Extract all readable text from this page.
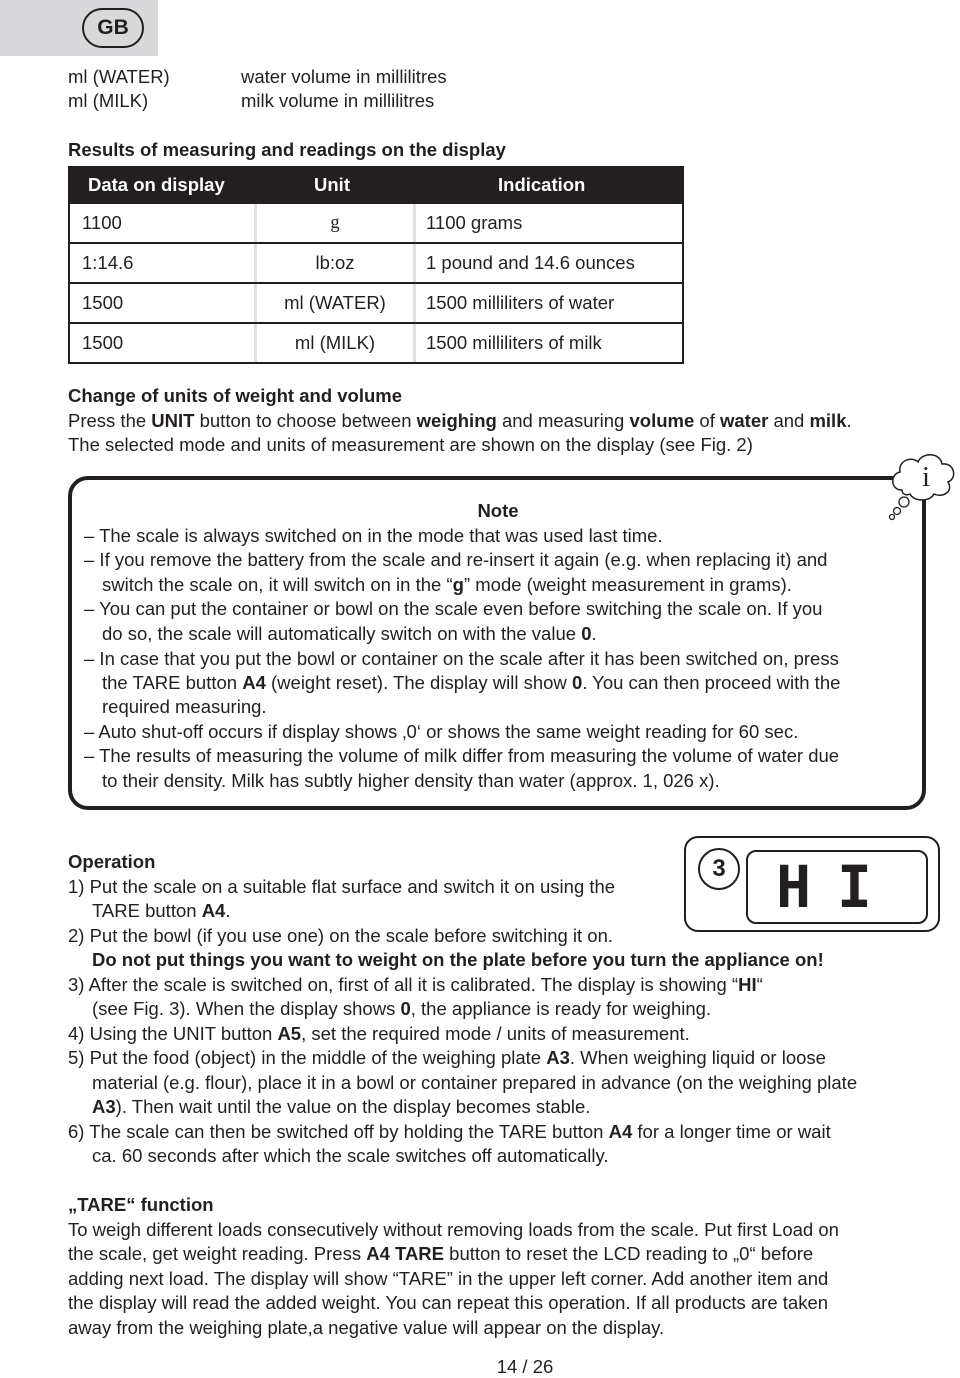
GB
ml (WATER)	water volume in millilitres
ml (MILK)	milk volume in millilitres
Results of measuring and readings on the display
Data on display	Unit	Indication
1100	g	1100 grams
1:14.6	lb:oz	1 pound and 14.6 ounces
1500	ml (WATER)	1500 milliliters of water
1500	ml (MILK)	1500 milliliters of milk
Change of units of weight and volume
Press the UNIT button to choose between weighing and measuring volume of water and milk.
The selected mode and units of measurement are shown on the display (see Fig. 2)
i
Note
– The scale is always switched on in the mode that was used last time.
– If you remove the battery from the scale and re-insert it again (e.g. when replacing it) and
switch the scale on, it will switch on in the “g” mode (weight measurement in grams).
– You can put the container or bowl on the scale even before switching the scale on. If you
do so, the scale will automatically switch on with the value 0.
– In case that you put the bowl or container on the scale after it has been switched on, press
the TARE button A4 (weight reset). The display will show 0. You can then proceed with the
required measuring.
– Auto shut-off occurs if display shows ‚0‘ or shows the same weight reading for 60 sec.
– The results of measuring the volume of milk differ from measuring the volume of water due
to their density. Milk has subtly higher density than water (approx. 1, 026 x).
3 HI
Operation
1) Put the scale on a suitable flat surface and switch it on using the
TARE button A4.
2) Put the bowl (if you use one) on the scale before switching it on.
Do not put things you want to weight on the plate before you turn the appliance on!
3) After the scale is switched on, first of all it is calibrated. The display is showing “HI“
(see Fig. 3). When the display shows 0, the appliance is ready for weighing.
4) Using the UNIT button A5, set the required mode / units of measurement.
5) Put the food (object) in the middle of the weighing plate A3. When weighing liquid or loose
material (e.g. flour), place it in a bowl or container prepared in advance (on the weighing plate
A3). Then wait until the value on the display becomes stable.
6) The scale can then be switched off by holding the TARE button A4 for a longer time or wait
ca. 60 seconds after which the scale switches off automatically.
„TARE“ function
To weigh different loads consecutively without removing loads from the scale. Put first Load on
the scale, get weight reading. Press A4 TARE button to reset the LCD reading to „0“ before
adding next load. The display will show “TARE” in the upper left corner. Add another item and
the display will read the added weight. You can repeat this operation. If all products are taken
away from the weighing plate,a negative value will appear on the display.
14 / 26
